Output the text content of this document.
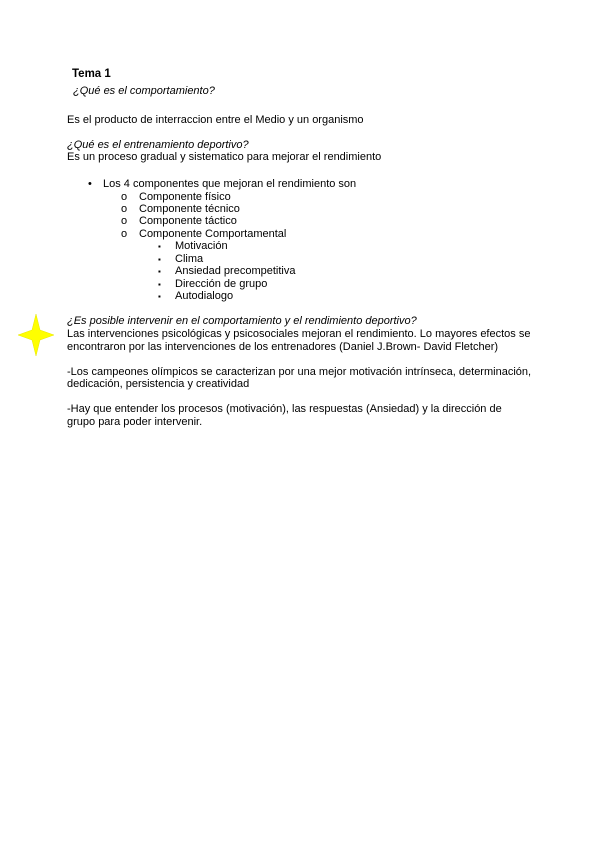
Tema 1
¿Qué es el comportamiento?
Es el producto de interraccion entre el Medio y un organismo
¿Qué es el entrenamiento deportivo?
Es un proceso gradual y sistematico para mejorar el rendimiento
• Los 4 componentes que mejoran el rendimiento son
o Componente físico
o Componente técnico
o Componente táctico
o Componente Comportamental
▪ Motivación
▪ Clima
▪ Ansiedad precompetitiva
▪ Dirección de grupo
▪ Autodialogo
¿Es posible intervenir en el comportamiento y el rendimiento deportivo?
Las intervenciones psicológicas y psicosociales mejoran el rendimiento. Lo mayores efectos se
encontraron por las intervenciones de los entrenadores (Daniel J.Brown- David Fletcher)
-Los campeones olímpicos se caracterizan por una mejor motivación intrínseca, determinación,
dedicación, persistencia y creatividad
-Hay que entender los procesos (motivación), las respuestas (Ansiedad) y la dirección de
grupo para poder intervenir.
